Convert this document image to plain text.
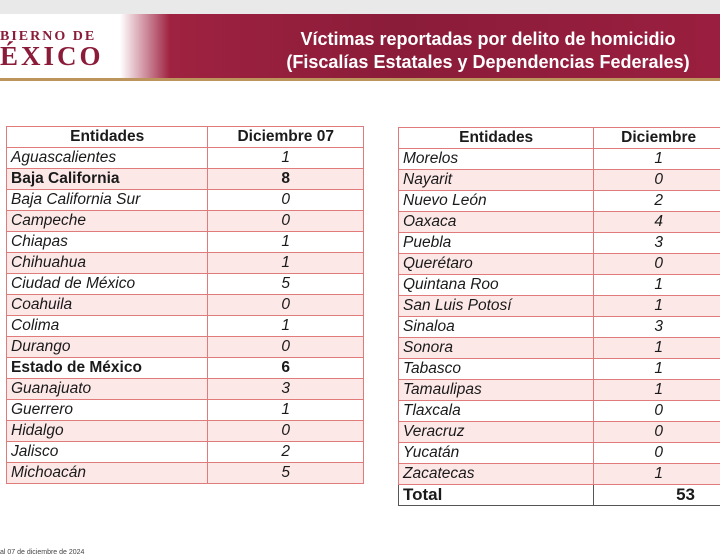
BIERNO DE
ÉXICO
Víctimas reportadas por delito de homicidio
(Fiscalías Estatales y Dependencias Federales)
Entidades	Diciembre 07
Aguascalientes	1
Baja California	8
Baja California Sur	0
Campeche	0
Chiapas	1
Chihuahua	1
Ciudad de México	5
Coahuila	0
Colima	1
Durango	0
Estado de México	6
Guanajuato	3
Guerrero	1
Hidalgo	0
Jalisco	2
Michoacán	5
Entidades	Diciembre
Morelos	1
Nayarit	0
Nuevo León	2
Oaxaca	4
Puebla	3
Querétaro	0
Quintana Roo	1
San Luis Potosí	1
Sinaloa	3
Sonora	1
Tabasco	1
Tamaulipas	1
Tlaxcala	0
Veracruz	0
Yucatán	0
Zacatecas	1
Total	53
al 07 de diciembre de 2024
